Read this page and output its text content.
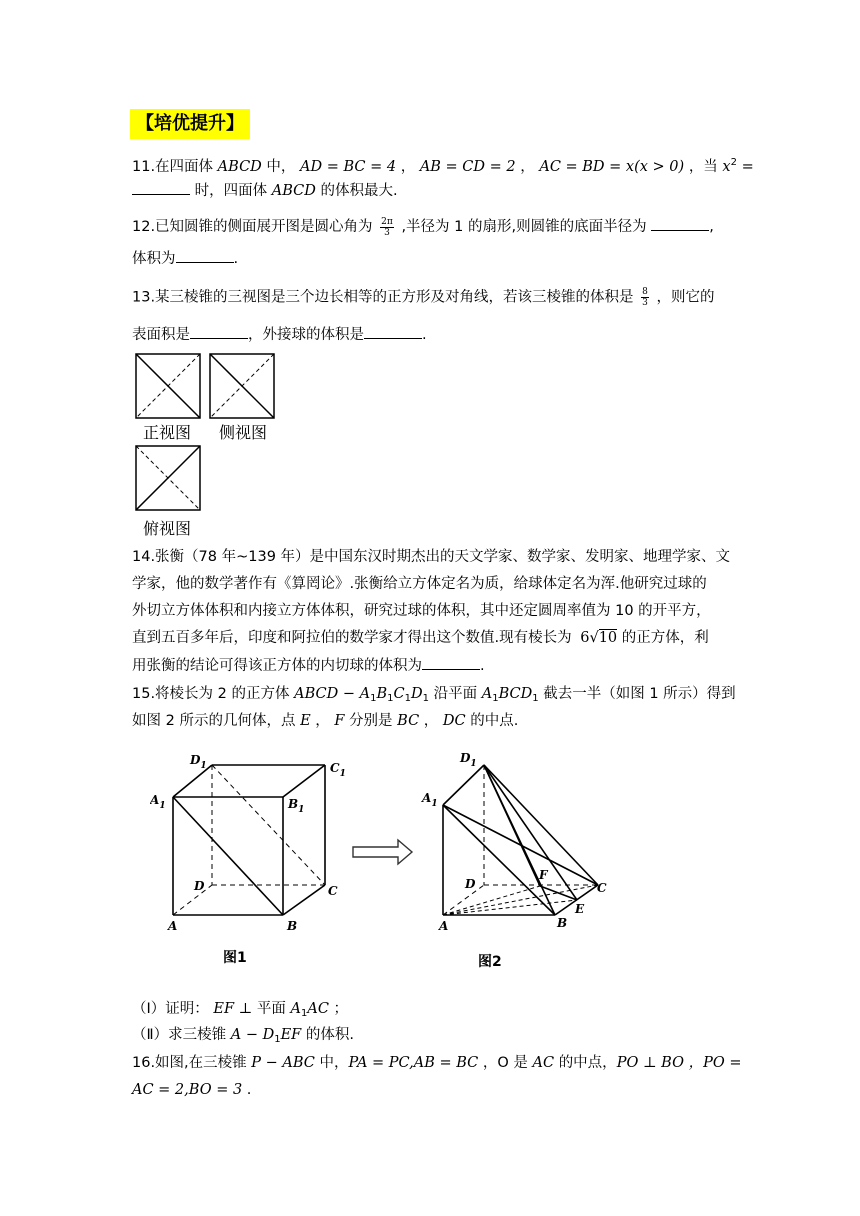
【培优提升】
11.在四面体 ABCD 中， AD = BC = 4 ， AB = CD = 2 ， AC = BD = x(x > 0) ，当 $x^2$ =
时，四面体 ABCD 的体积最大.
12.已知圆锥的侧面展开图是圆心角为 $\frac{2\pi}{3}$ ,半径为 1 的扇形,则圆锥的底面半径为	,
体积为	.
13.某三棱锥的三视图是三个边长相等的正方形及对角线，若该三棱锥的体积是 $\frac{8}{3}$ ，则它的
表面积是	，外接球的体积是	.
正视图 侧视图
俯视图
14.张衡（78 年~139 年）是中国东汉时期杰出的天文学家、数学家、发明家、地理学家、文
学家，他的数学著作有《算罔论》.张衡给立方体定名为质，给球体定名为浑.他研究过球的
外切立方体体积和内接立方体体积，研究过球的体积，其中还定圆周率值为 10 的开平方，
直到五百多年后，印度和阿拉伯的数学家才得出这个数值.现有棱长为 6√10 的正方体，利
用张衡的结论可得该正方体的内切球的体积为	.
15.将棱长为 2 的正方体 ABCD − $A_1B_1C_1D_1$ 沿平面 $A_1BCD_1$ 截去一半（如图 1 所示）得到
如图 2 所示的几何体，点 E ， F 分别是 BC ， DC 的中点.
$D_1$	$C_1$
$A_1$	$B_1$
D	C
A	B
图1
$D_1$
$A_1$
D
F
C
E
A	B
图2
（Ⅰ）证明： EF ⊥ 平面 $A_1AC$ ；
（Ⅱ）求三棱锥 $A - D_1EF$ 的体积.
16.如图,在三棱锥 P − ABC 中，PA = PC,AB = BC ，O 是 AC 的中点，PO ⊥ BO ，PO =
AC = 2,BO = 3 .
